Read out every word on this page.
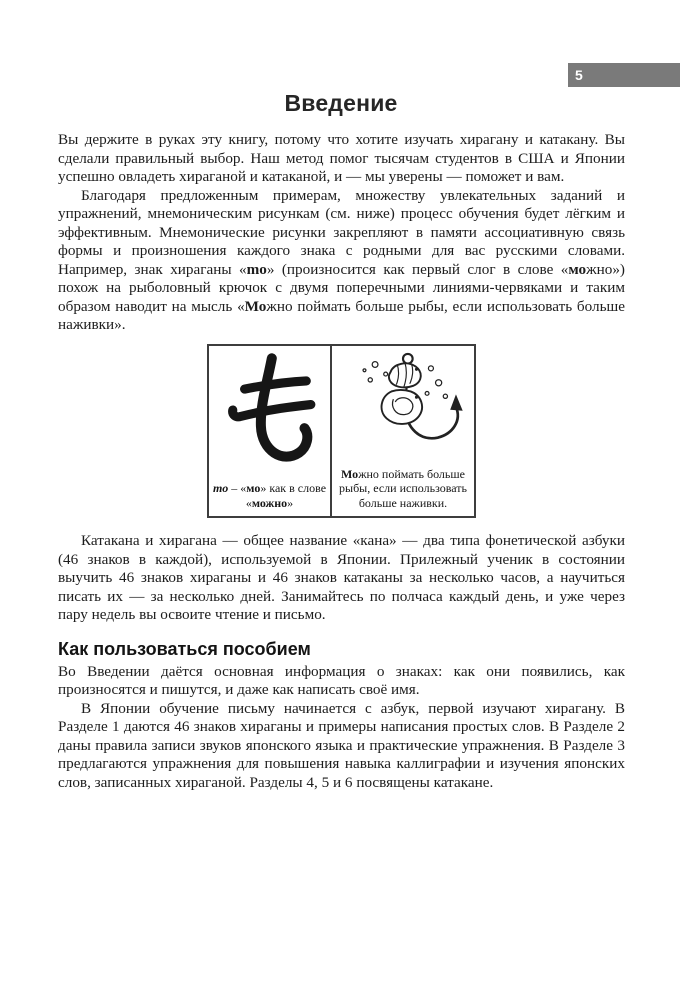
5
Введение

Вы держите в руках эту книгу, потому что хотите изучать хирагану и катакану. Вы сделали правильный выбор. Наш метод помог тысячам студентов в США и Японии успешно овладеть хираганой и катаканой, и — мы уверены — поможет и вам.

Благодаря предложенным примерам, множеству увлекательных заданий и упражнений, мнемоническим рисункам (см. ниже) процесс обучения будет лёгким и эффективным. Мнемонические рисунки закрепляют в памяти ассоциативную связь формы и произношения каждого знака с родными для вас русскими словами. Например, знак хираганы «mo» (произносится как первый слог в слове «можно») похож на рыболовный крючок с двумя поперечными линиями-червяками и таким образом наводит на мысль «Можно поймать больше рыбы, если использовать больше наживки».

mo – «мо» как в слове «можно»
Можно поймать больше рыбы, если использовать больше наживки.

Катакана и хирагана — общее название «кана» — два типа фонетической азбуки (46 знаков в каждой), используемой в Японии. Прилежный ученик в состоянии выучить 46 знаков хираганы и 46 знаков катаканы за несколько часов, а научиться писать их — за несколько дней. Занимайтесь по полчаса каждый день, и уже через пару недель вы освоите чтение и письмо.

Как пользоваться пособием

Во Введении даётся основная информация о знаках: как они появились, как произносятся и пишутся, и даже как написать своё имя.

В Японии обучение письму начинается с азбук, первой изучают хирагану. В Разделе 1 даются 46 знаков хираганы и примеры написания простых слов. В Разделе 2 даны правила записи звуков японского языка и практические упражнения. В Разделе 3 предлагаются упражнения для повышения навыка каллиграфии и изучения японских слов, записанных хираганой. Разделы 4, 5 и 6 посвящены катакане.
